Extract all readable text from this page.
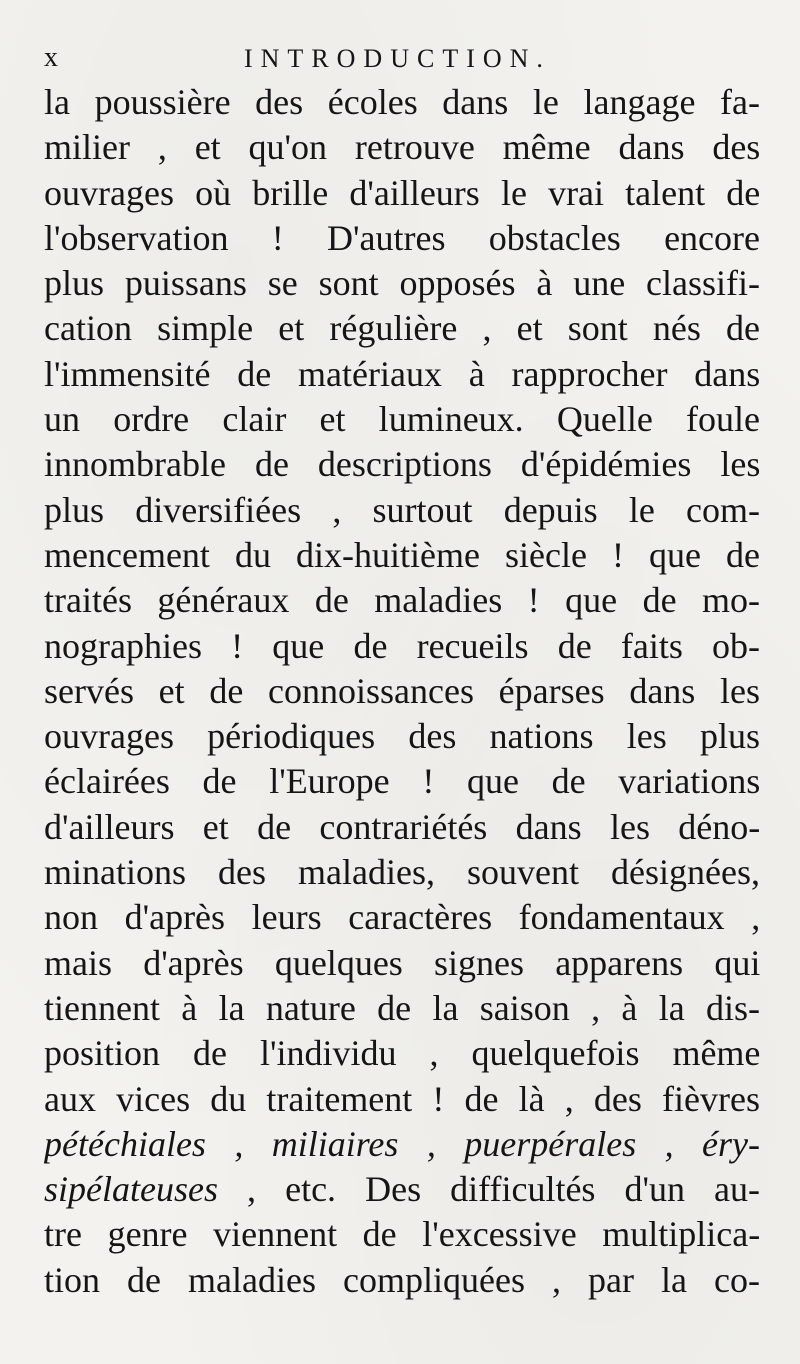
x	INTRODUCTION.
la poussière des écoles dans le langage fa-
milier , et qu'on retrouve même dans des
ouvrages où brille d'ailleurs le vrai talent de
l'observation ! D'autres obstacles encore
plus puissans se sont opposés à une classifi-
cation simple et régulière , et sont nés de
l'immensité de matériaux à rapprocher dans
un ordre clair et lumineux. Quelle foule
innombrable de descriptions d'épidémies les
plus diversifiées , surtout depuis le com-
mencement du dix-huitième siècle ! que de
traités généraux de maladies ! que de mo-
nographies ! que de recueils de faits ob-
servés et de connoissances éparses dans les
ouvrages périodiques des nations les plus
éclairées de l'Europe ! que de variations
d'ailleurs et de contrariétés dans les déno-
minations des maladies, souvent désignées,
non d'après leurs caractères fondamentaux ,
mais d'après quelques signes apparens qui
tiennent à la nature de la saison , à la dis-
position de l'individu , quelquefois même
aux vices du traitement ! de là , des fièvres
pétéchiales , miliaires , puerpérales , éry-
sipélateuses , etc. Des difficultés d'un au-
tre genre viennent de l'excessive multiplica-
tion de maladies compliquées , par la co-
